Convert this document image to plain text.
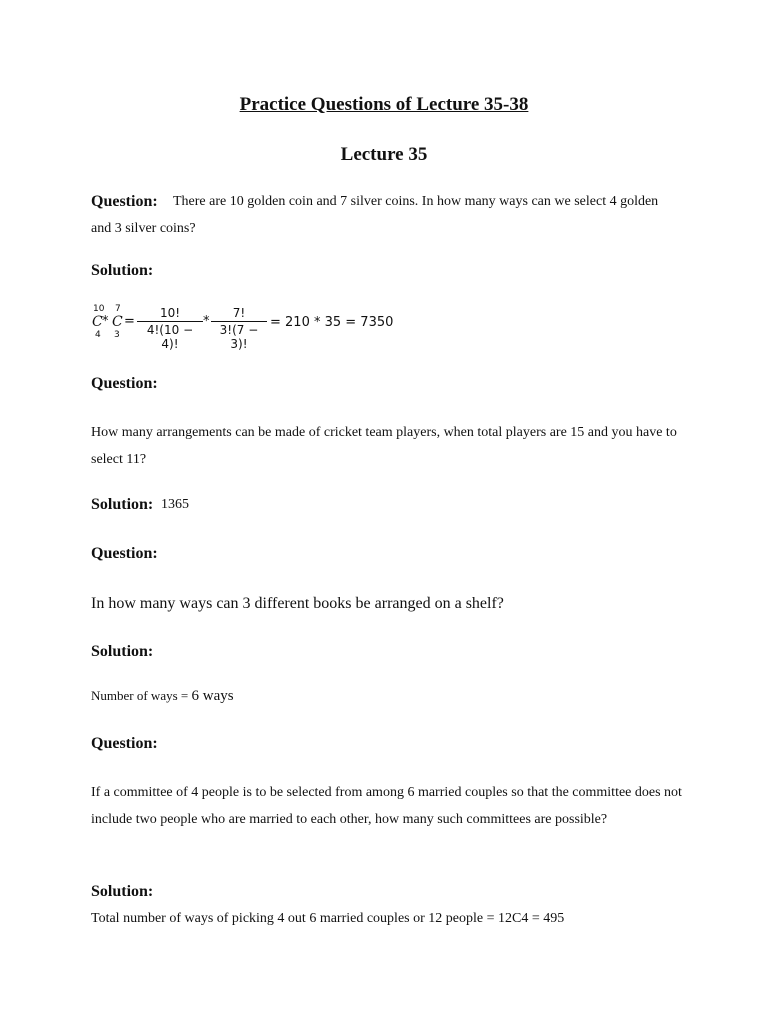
Practice Questions of Lecture 35-38
Lecture 35
Question:	There are 10 golden coin and 7 silver coins. In how many ways can we select 4 golden and 3 silver coins?
Solution:
10
C
4
*
7
C
3
=
10!
4!(10 − 4)!
*
7!
3!(7 − 3)!
= 210 * 35 = 7350
Question:
How many arrangements can be made of cricket team players, when total players are 15 and you have to select 11?
Solution: 1365
Question:
In how many ways can 3 different books be arranged on a shelf?
Solution:
Number of ways = 6 ways
Question:
If a committee of 4 people is to be selected from among 6 married couples so that the committee does not include two people who are married to each other, how many such committees are possible?
Solution:
Total number of ways of picking 4 out 6 married couples or 12 people = 12C4 = 495
